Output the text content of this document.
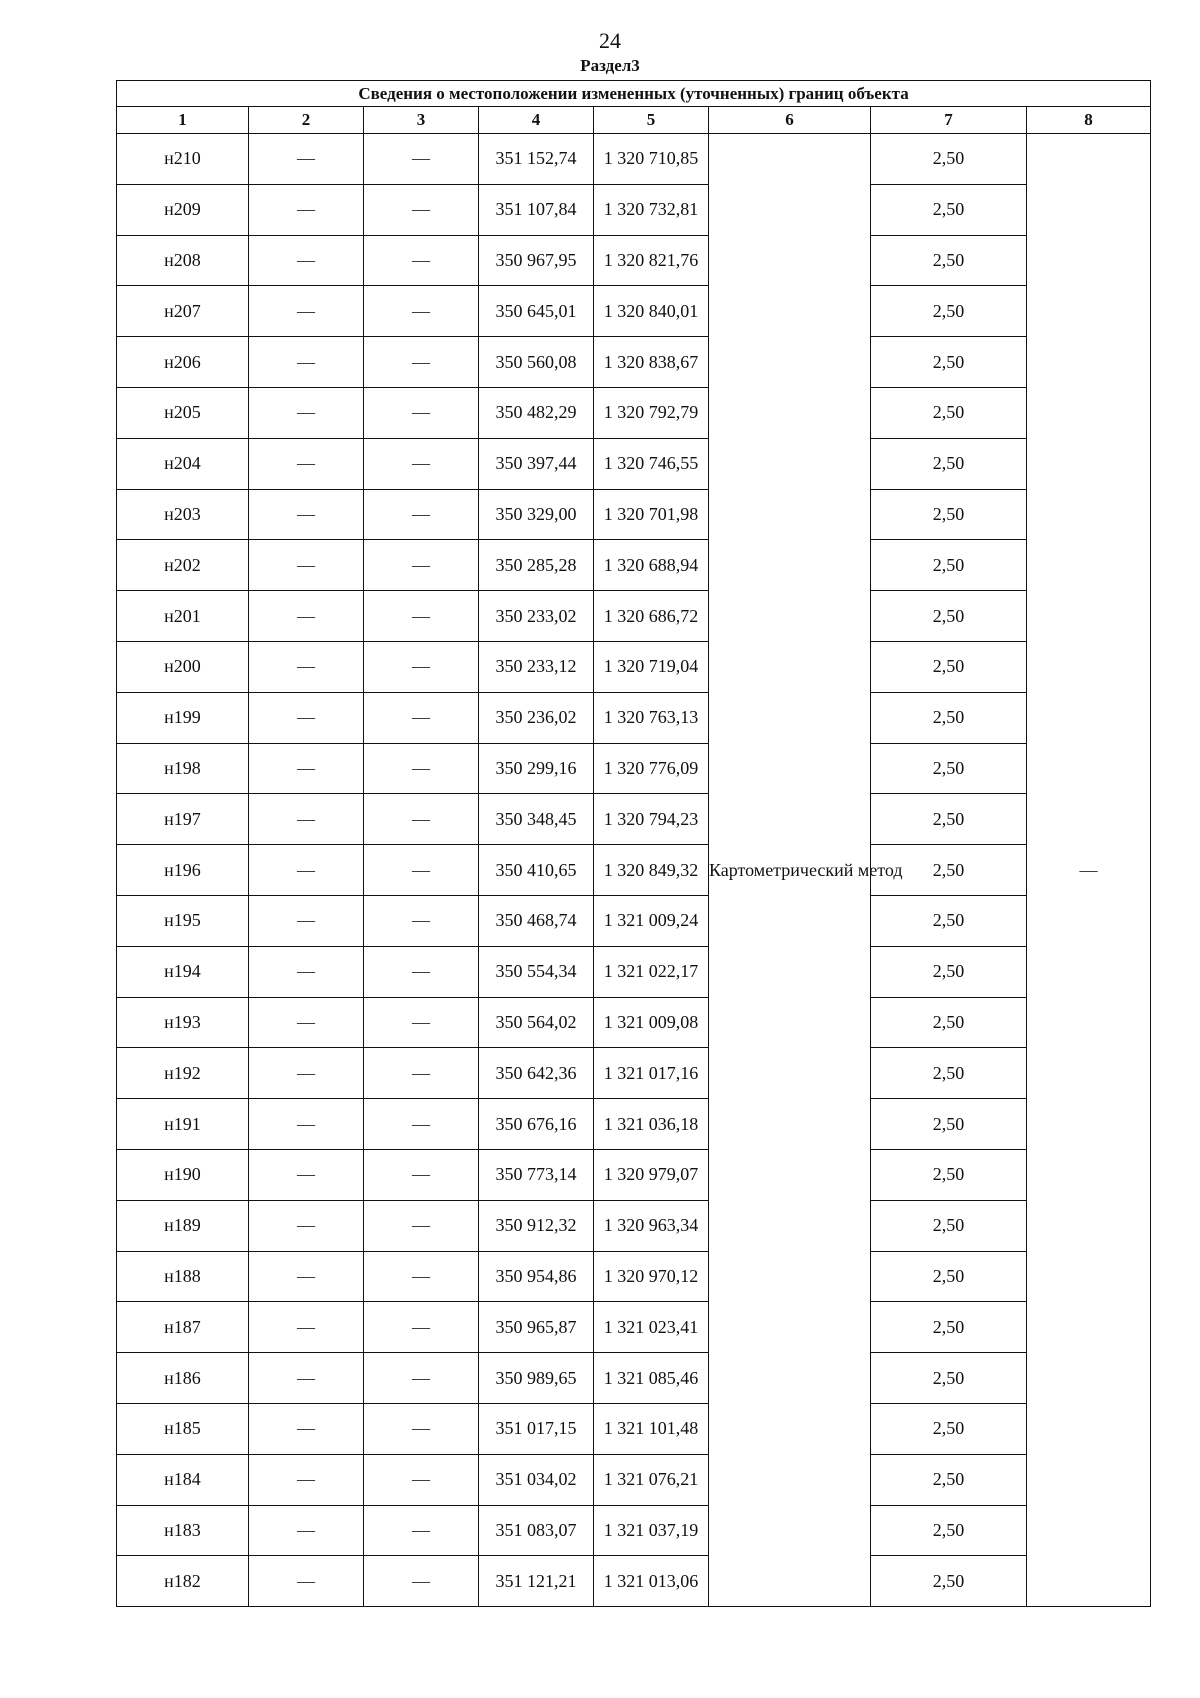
24
Раздел3
Сведения о местоположении измененных (уточненных) границ объекта							
1	2	3	4	5	6	7	8
н210	—	—	351 152,74	1 320 710,85	Картометрический метод	2,50	—
н209	—	—	351 107,84	1 320 732,81		2,50	
н208	—	—	350 967,95	1 320 821,76		2,50	
н207	—	—	350 645,01	1 320 840,01		2,50	
н206	—	—	350 560,08	1 320 838,67		2,50	
н205	—	—	350 482,29	1 320 792,79		2,50	
н204	—	—	350 397,44	1 320 746,55		2,50	
н203	—	—	350 329,00	1 320 701,98		2,50	
н202	—	—	350 285,28	1 320 688,94		2,50	
н201	—	—	350 233,02	1 320 686,72		2,50	
н200	—	—	350 233,12	1 320 719,04		2,50	
н199	—	—	350 236,02	1 320 763,13		2,50	
н198	—	—	350 299,16	1 320 776,09		2,50	
н197	—	—	350 348,45	1 320 794,23		2,50	
н196	—	—	350 410,65	1 320 849,32		2,50	
н195	—	—	350 468,74	1 321 009,24		2,50	
н194	—	—	350 554,34	1 321 022,17		2,50	
н193	—	—	350 564,02	1 321 009,08		2,50	
н192	—	—	350 642,36	1 321 017,16		2,50	
н191	—	—	350 676,16	1 321 036,18		2,50	
н190	—	—	350 773,14	1 320 979,07		2,50	
н189	—	—	350 912,32	1 320 963,34		2,50	
н188	—	—	350 954,86	1 320 970,12		2,50	
н187	—	—	350 965,87	1 321 023,41		2,50	
н186	—	—	350 989,65	1 321 085,46		2,50	
н185	—	—	351 017,15	1 321 101,48		2,50	
н184	—	—	351 034,02	1 321 076,21		2,50	
н183	—	—	351 083,07	1 321 037,19		2,50	
н182	—	—	351 121,21	1 321 013,06		2,50	
